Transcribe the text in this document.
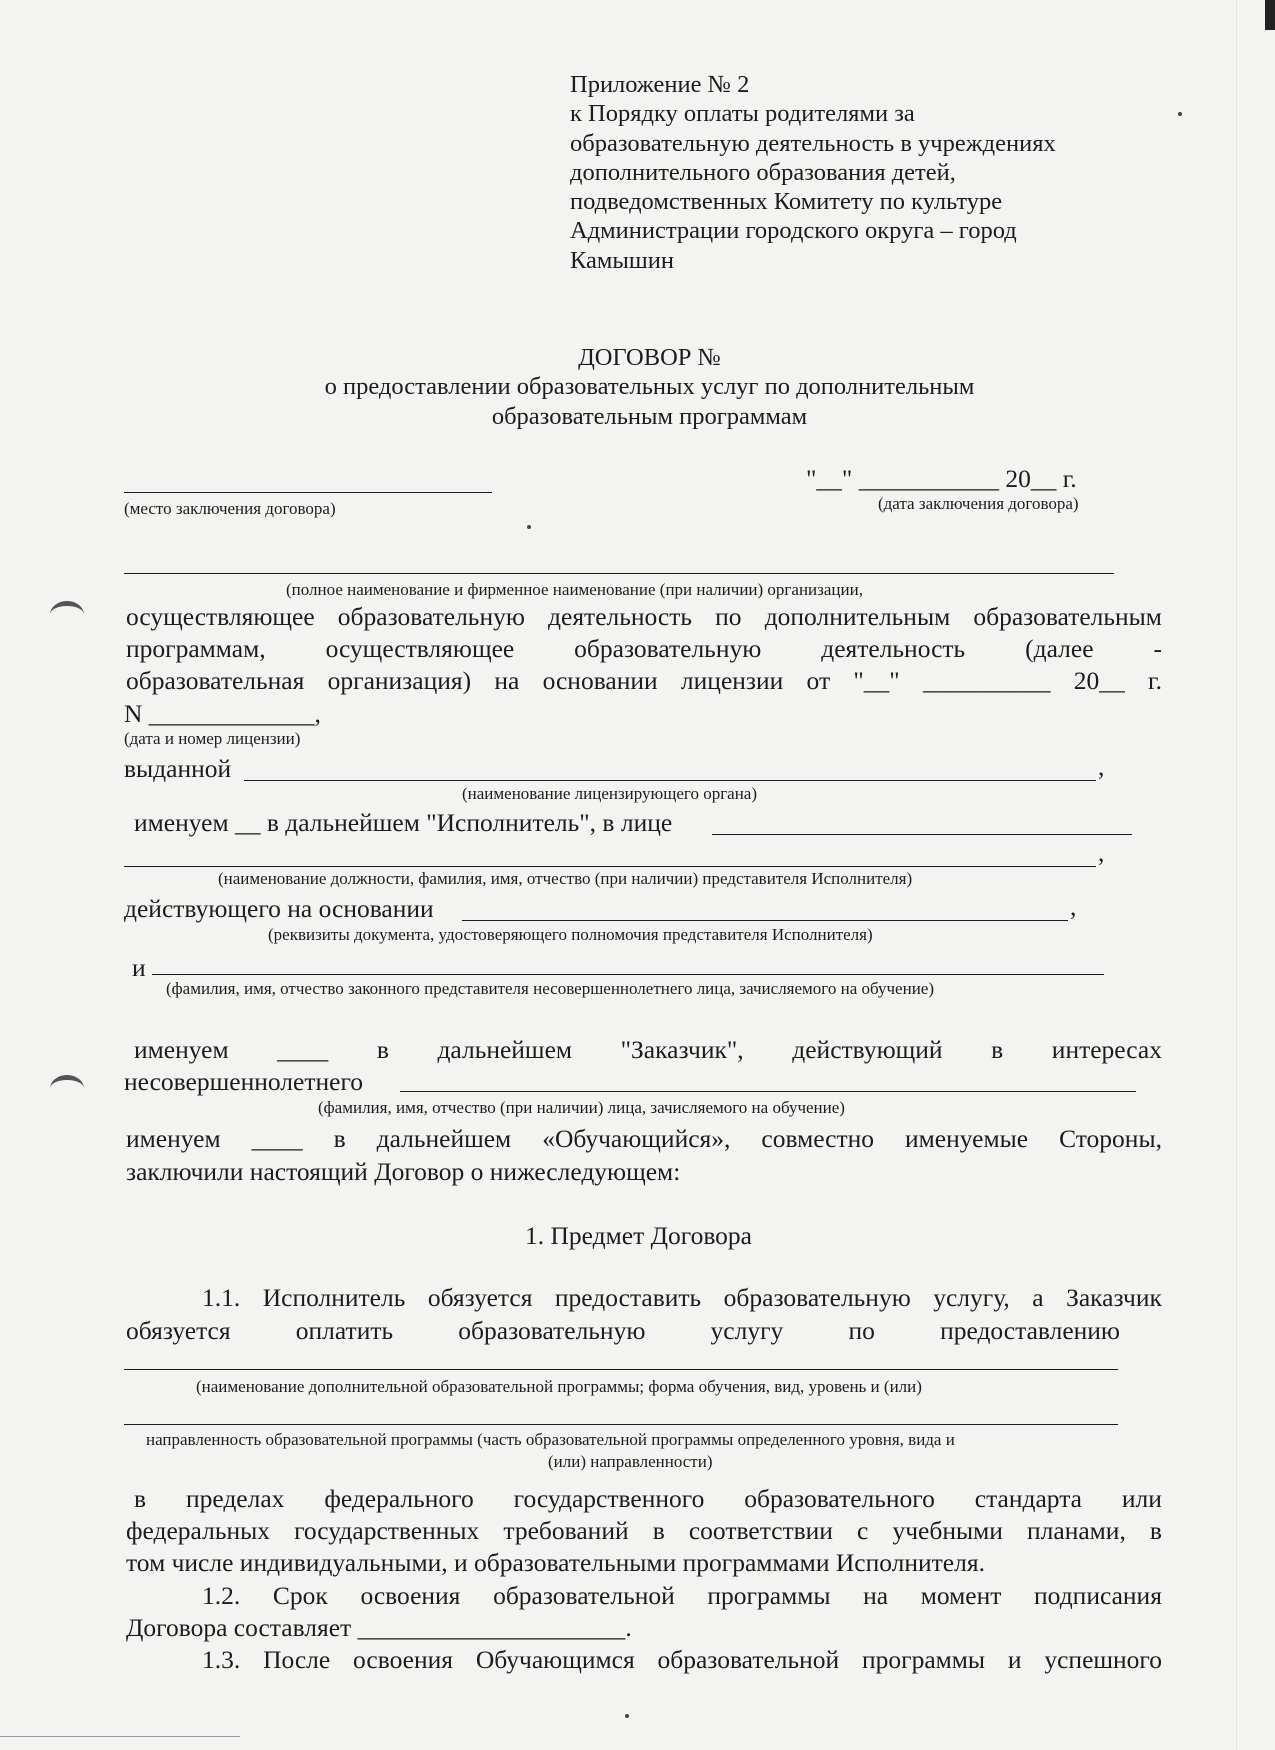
Приложение № 2
к Порядку оплаты родителями за
образовательную деятельность в учреждениях
дополнительного образования детей,
подведомственных Комитету по культуре
Администрации городского округа – город
Камышин
ДОГОВОР №
о предоставлении образовательных услуг по дополнительным
образовательным программам
"__" ___________ 20__ г.
(место заключения договора)	(дата заключения договора)
(полное наименование и фирменное наименование (при наличии) организации,
осуществляющее образовательную деятельность по дополнительным образовательным
программам, осуществляющее образовательную деятельность (далее -
образовательная организация) на основании лицензии от "__" __________ 20__ г.
N _____________,
(дата и номер лицензии)
выданной	,
(наименование лицензирующего органа)
именуем __ в дальнейшем "Исполнитель", в лице
,
(наименование должности, фамилия, имя, отчество (при наличии) представителя Исполнителя)
действующего на основании	,
(реквизиты документа, удостоверяющего полномочия представителя Исполнителя)
и
(фамилия, имя, отчество законного представителя несовершеннолетнего лица, зачисляемого на обучение)
именуем ____ в дальнейшем "Заказчик", действующий в интересах
несовершеннолетнего
(фамилия, имя, отчество (при наличии) лица, зачисляемого на обучение)
именуем ____ в дальнейшем «Обучающийся», совместно именуемые Стороны,
заключили настоящий Договор о нижеследующем:
1. Предмет Договора
1.1. Исполнитель обязуется предоставить образовательную услугу, а Заказчик
обязуется	оплатить	образовательную	услугу	по	предоставлению
(наименование дополнительной образовательной программы; форма обучения, вид, уровень и (или)
направленность образовательной программы (часть образовательной программы определенного уровня, вида и
(или) направленности)
в пределах федерального государственного образовательного стандарта или
федеральных государственных требований в соответствии с учебными планами, в
том числе индивидуальными, и образовательными программами Исполнителя.
1.2. Срок освоения образовательной программы на момент подписания
Договора составляет _____________________.
1.3. После освоения Обучающимся образовательной программы и успешного
